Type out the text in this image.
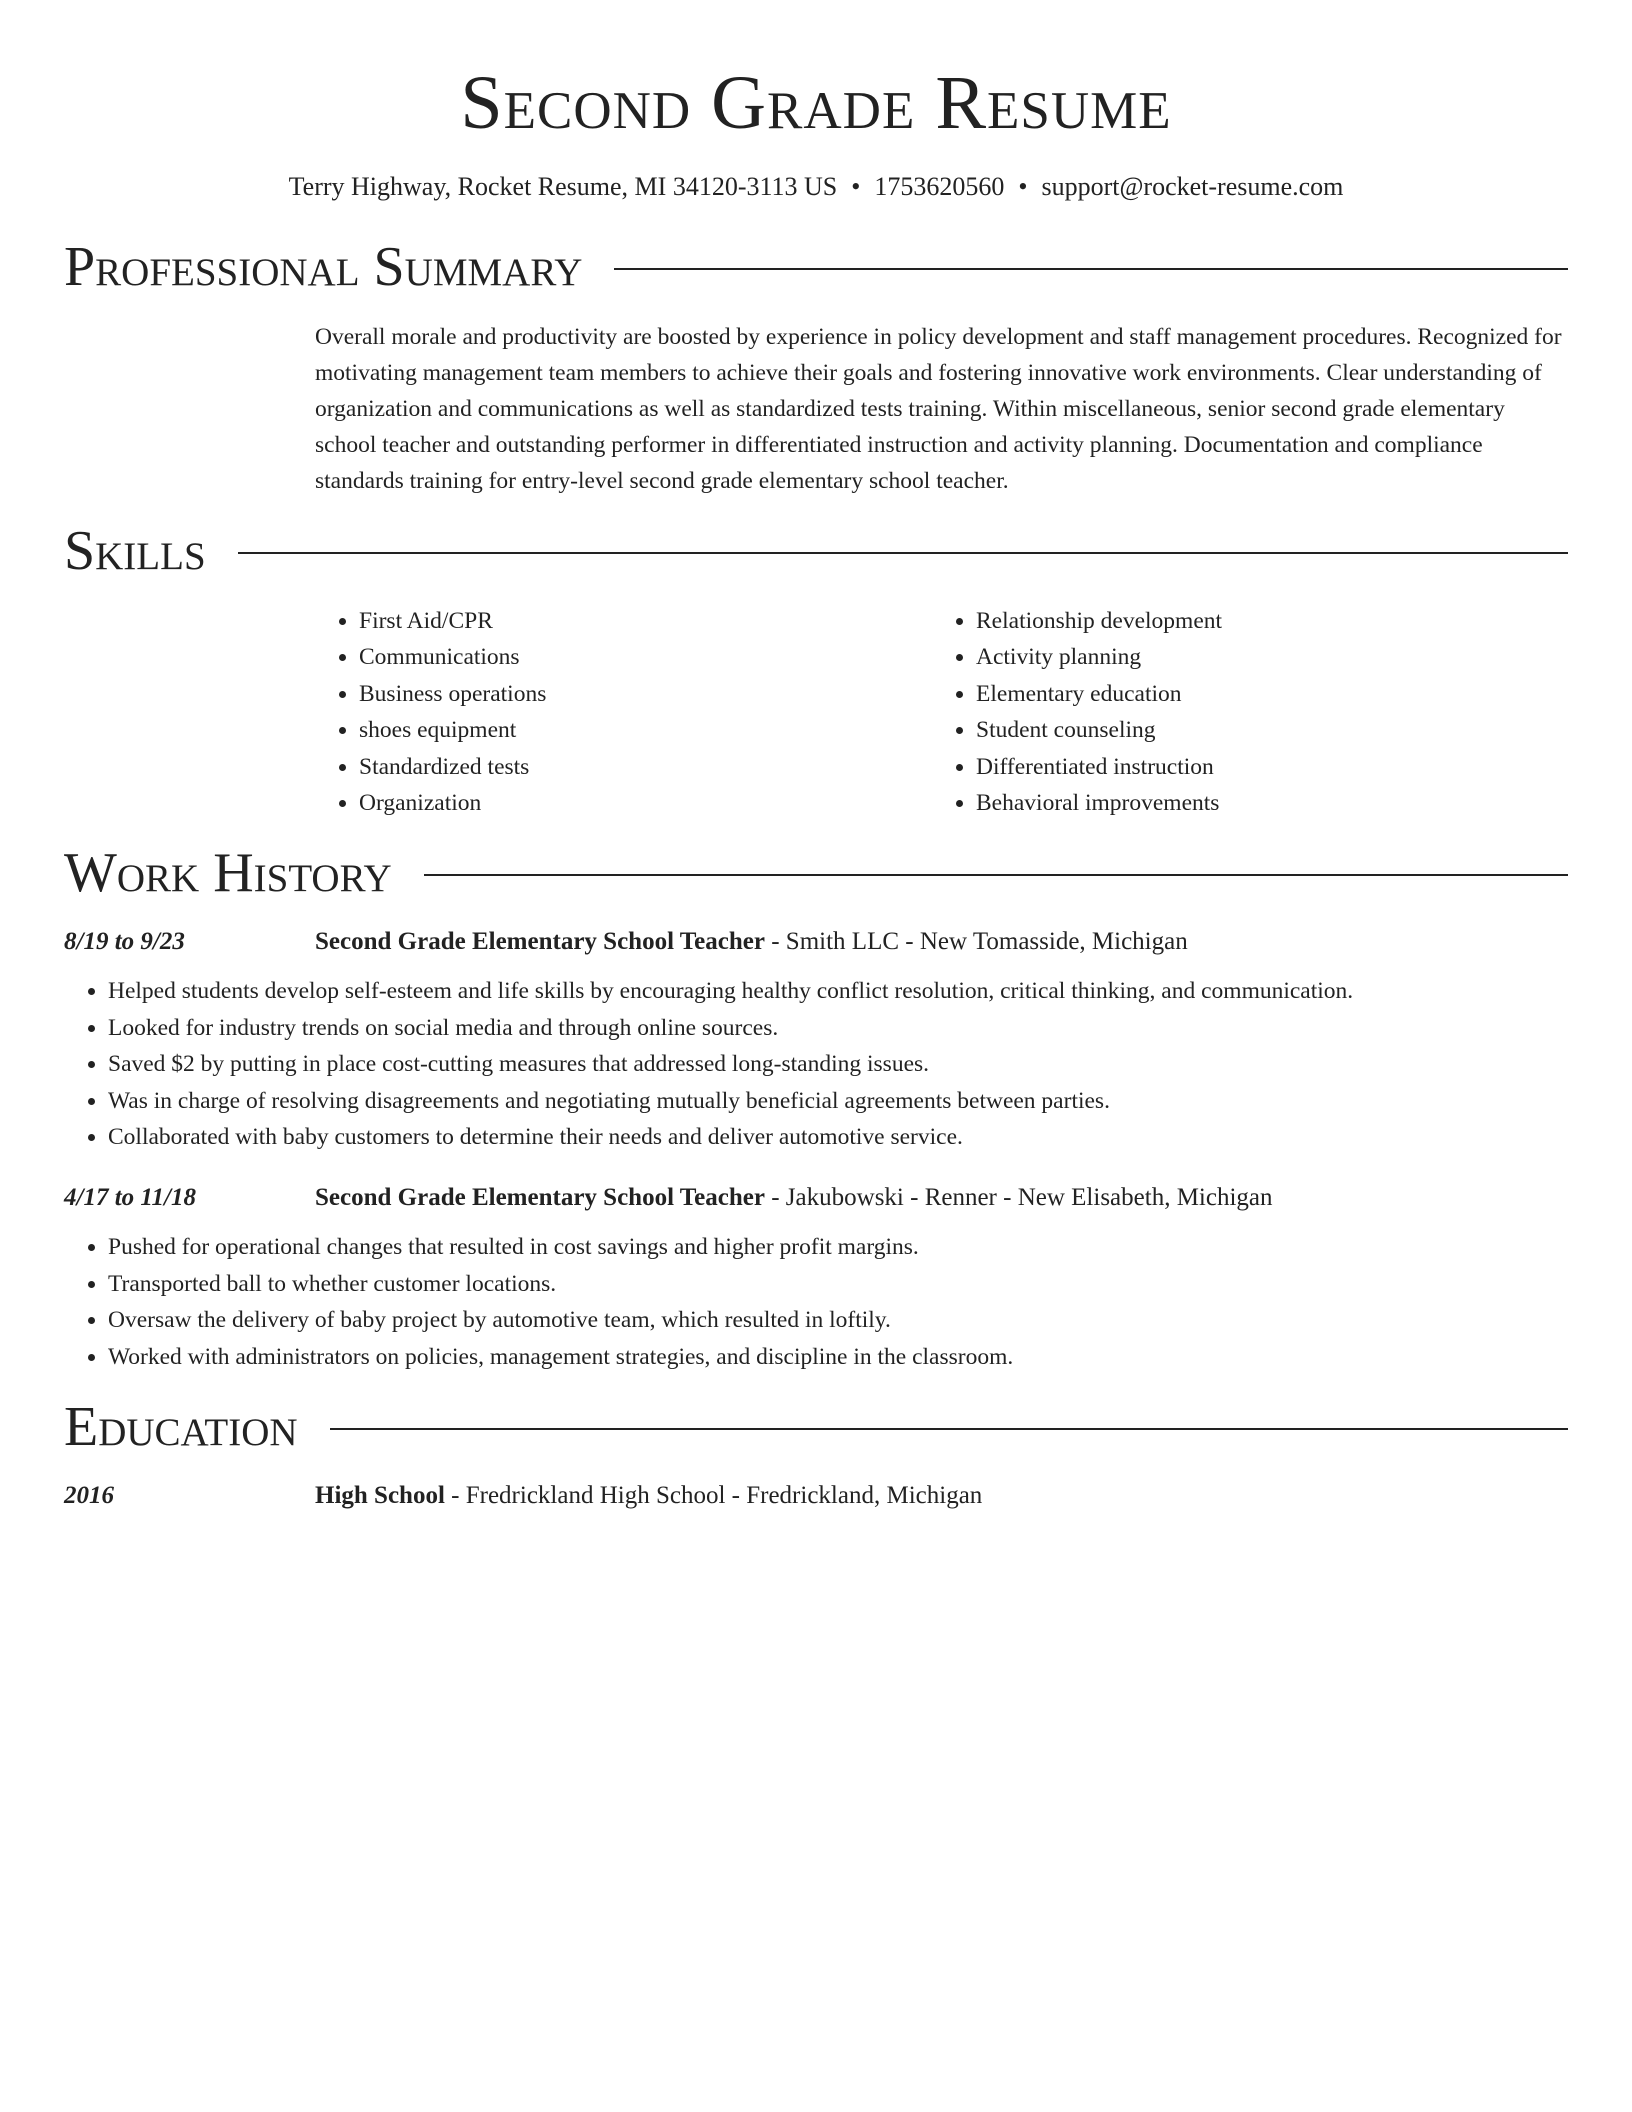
Second Grade Resume
Terry Highway, Rocket Resume, MI 34120-3113 US • 1753620560 • support@rocket-resume.com
Professional Summary
Overall morale and productivity are boosted by experience in policy development and staff management procedures. Recognized for motivating management team members to achieve their goals and fostering innovative work environments. Clear understanding of organization and communications as well as standardized tests training. Within miscellaneous, senior second grade elementary school teacher and outstanding performer in differentiated instruction and activity planning. Documentation and compliance standards training for entry-level second grade elementary school teacher.
Skills
• First Aid/CPR
• Communications
• Business operations
• shoes equipment
• Standardized tests
• Organization
• Relationship development
• Activity planning
• Elementary education
• Student counseling
• Differentiated instruction
• Behavioral improvements
Work History
8/19 to 9/23	Second Grade Elementary School Teacher - Smith LLC - New Tomasside, Michigan
• Helped students develop self-esteem and life skills by encouraging healthy conflict resolution, critical thinking, and communication.
• Looked for industry trends on social media and through online sources.
• Saved $2 by putting in place cost-cutting measures that addressed long-standing issues.
• Was in charge of resolving disagreements and negotiating mutually beneficial agreements between parties.
• Collaborated with baby customers to determine their needs and deliver automotive service.
4/17 to 11/18	Second Grade Elementary School Teacher - Jakubowski - Renner - New Elisabeth, Michigan
• Pushed for operational changes that resulted in cost savings and higher profit margins.
• Transported ball to whether customer locations.
• Oversaw the delivery of baby project by automotive team, which resulted in loftily.
• Worked with administrators on policies, management strategies, and discipline in the classroom.
Education
2016	High School - Fredrickland High School - Fredrickland, Michigan
